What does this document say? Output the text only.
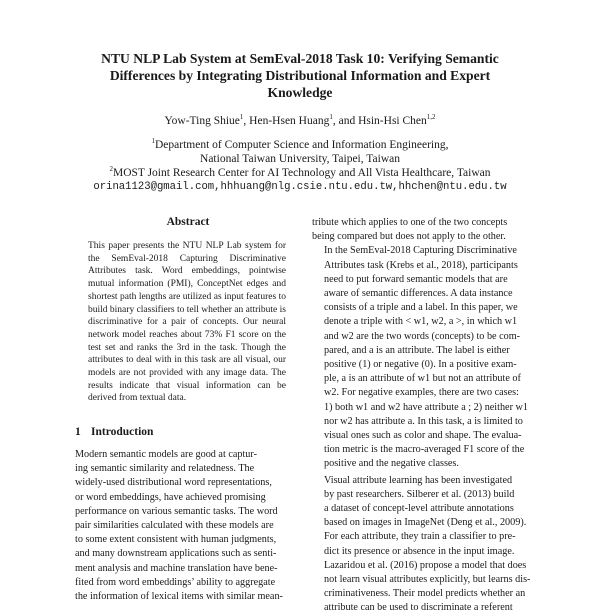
NTU NLP Lab System at SemEval-2018 Task 10: Verifying Semantic
Differences by Integrating Distributional Information and Expert
Knowledge
Yow-Ting Shiue$^1$, Hen-Hsen Huang$^1$, and Hsin-Hsi Chen$^{1,2}$
$^1$Department of Computer Science and Information Engineering,
National Taiwan University, Taipei, Taiwan
$^2$MOST Joint Research Center for AI Technology and All Vista Healthcare, Taiwan
orina1123@gmail.com,hhhuang@nlg.csie.ntu.edu.tw,hhchen@ntu.edu.tw
Abstract
This paper presents the NTU NLP Lab system for the SemEval-2018 Capturing Discriminative Attributes task. Word embeddings, pointwise mutual information (PMI), ConceptNet edges and shortest path lengths are utilized as input features to build binary classifiers to tell whether an attribute is discriminative for a pair of concepts. Our neural network model reaches about 73% F1 score on the test set and ranks the 3rd in the task. Though the attributes to deal with in this task are all visual, our models are not provided with any image data. The results indicate that visual information can be derived from textual data.
1 Introduction
Modern semantic models are good at captur-
ing semantic similarity and relatedness. The
widely-used distributional word representations,
or word embeddings, have achieved promising
performance on various semantic tasks. The word
pair similarities calculated with these models are
to some extent consistent with human judgments,
and many downstream applications such as senti-
ment analysis and machine translation have bene-
fited from word embeddings’ ability to aggregate
the information of lexical items with similar mean-

tribute which applies to one of the two concepts
being compared but does not apply to the other.

In the SemEval-2018 Capturing Discriminative
Attributes task (Krebs et al., 2018), participants
need to put forward semantic models that are
aware of semantic differences. A data instance
consists of a triple and a label. In this paper, we
denote a triple with < w1, w2, a >, in which w1
and w2 are the two words (concepts) to be com-
pared, and a is an attribute. The label is either
positive (1) or negative (0). In a positive exam-
ple, a is an attribute of w1 but not an attribute of
w2. For negative examples, there are two cases:
1) both w1 and w2 have attribute a ; 2) neither w1
nor w2 has attribute a. In this task, a is limited to
visual ones such as color and shape. The evalua-
tion metric is the macro-averaged F1 score of the
positive and the negative classes.

Visual attribute learning has been investigated
by past researchers. Silberer et al. (2013) build
a dataset of concept-level attribute annotations
based on images in ImageNet (Deng et al., 2009).
For each attribute, they train a classifier to pre-
dict its presence or absence in the input image.
Lazaridou et al. (2016) propose a model that does
not learn visual attributes explicitly, but learns dis-
criminativeness. Their model predicts whether an
attribute can be used to discriminate a referent
